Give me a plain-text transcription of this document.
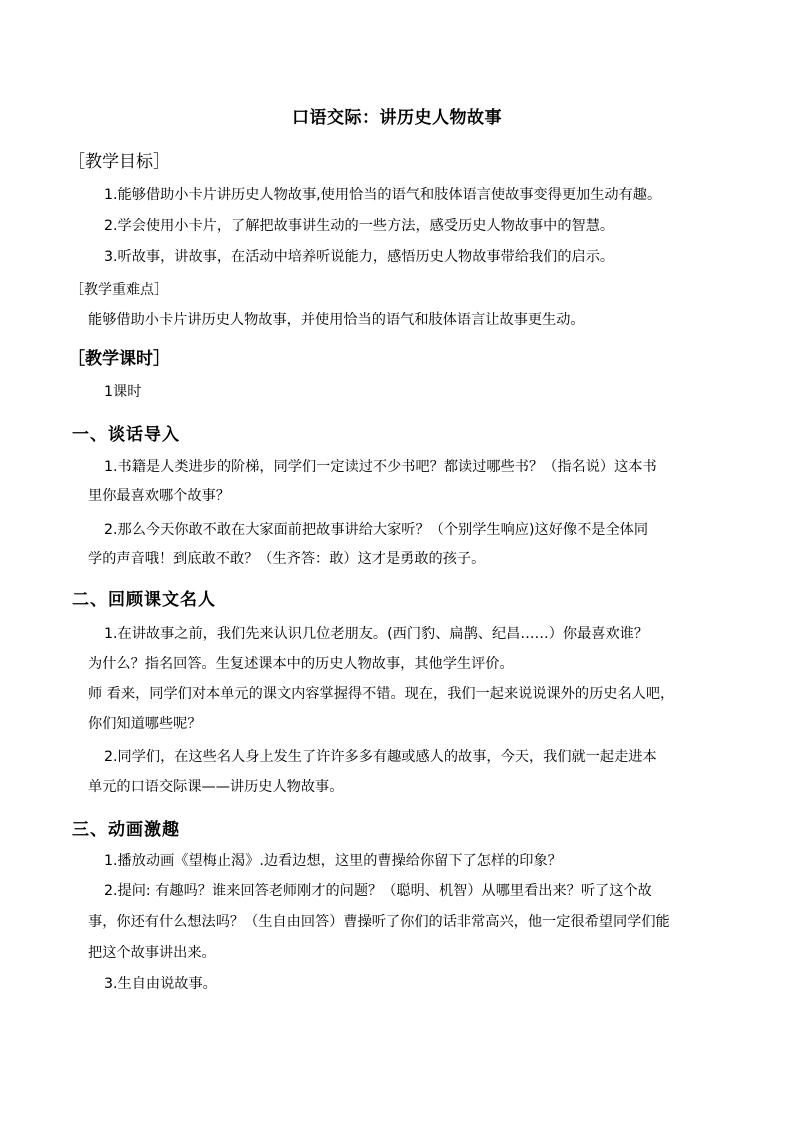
口语交际：讲历史人物故事
［教学目标］
1.能够借助小卡片讲历史人物故事,使用恰当的语气和肢体语言使故事变得更加生动有趣。
2.学会使用小卡片，了解把故事讲生动的一些方法，感受历史人物故事中的智慧。
3.听故事，讲故事，在活动中培养听说能力，感悟历史人物故事带给我们的启示。
［教学重难点］
能够借助小卡片讲历史人物故事，并使用恰当的语气和肢体语言让故事更生动。
［教学课时］
1课时
一、谈话导入
1.书籍是人类进步的阶梯，同学们一定读过不少书吧？都读过哪些书？（指名说）这本书
里你最喜欢哪个故事？
2.那么今天你敢不敢在大家面前把故事讲给大家听？（个别学生响应)这好像不是全体同
学的声音哦！到底敢不敢？（生齐答：敢）这才是勇敢的孩子。
二、回顾课文名人
1.在讲故事之前，我们先来认识几位老朋友。(西门豹、扁鹊、纪昌……）你最喜欢谁？
为什么？指名回答。生复述课本中的历史人物故事，其他学生评价。
师 看来，同学们对本单元的课文内容掌握得不错。现在，我们一起来说说课外的历史名人吧，
你们知道哪些呢？
2.同学们，在这些名人身上发生了许许多多有趣或感人的故事，今天，我们就一起走进本
单元的口语交际课——讲历史人物故事。
三、动画激趣
1.播放动画《望梅止渴》.边看边想，这里的曹操给你留下了怎样的印象？
2.提问: 有趣吗？谁来回答老师刚才的问题？（聪明、机智）从哪里看出来？听了这个故
事，你还有什么想法吗？（生自由回答）曹操听了你们的话非常高兴，他一定很希望同学们能
把这个故事讲出来。
3.生自由说故事。
